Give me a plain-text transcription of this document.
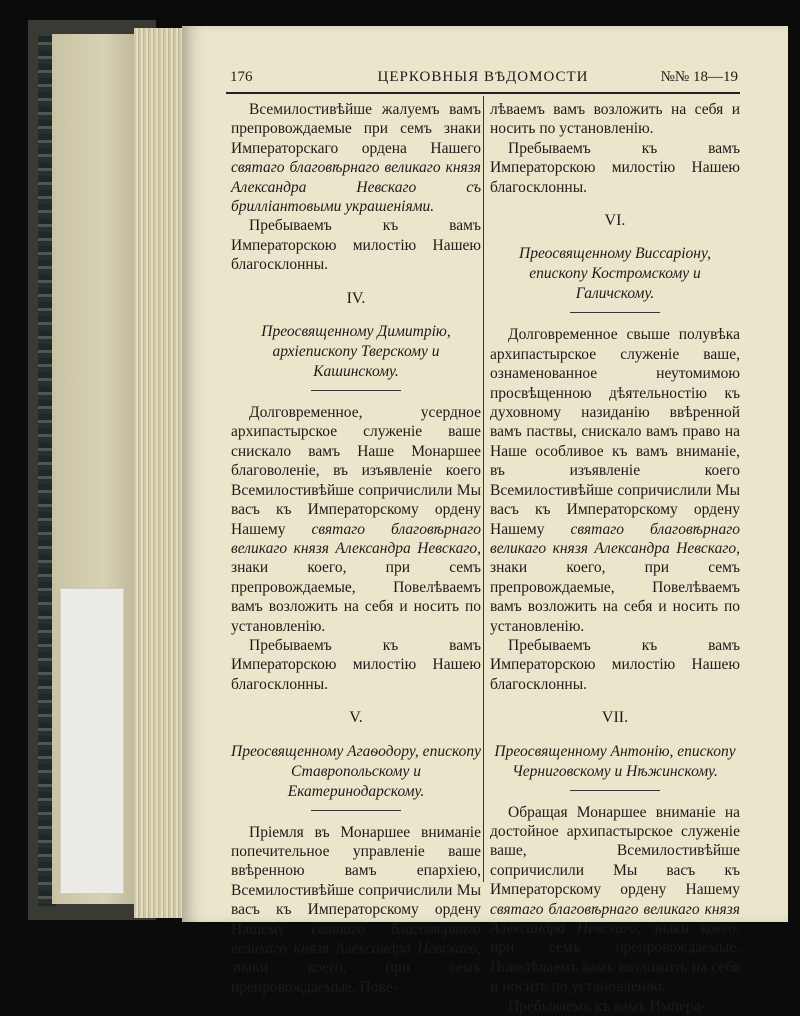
176	ЦЕРКОВНЫЯ ВѢДОМОСТИ	№№ 18—19

Всемилостивѣйше жалуемъ вамъ препровождаемые при семъ знаки Императорскаго ордена Нашего святаго благовѣрнаго великаго князя Александра Невскаго съ брилліантовыми украшеніями.

Пребываемъ къ вамъ Императорскою милостію Нашею благосклонны.

IV.
Преосвященному Димитрію, архіепископу Тверскому и Кашинскому.

Долговременное, усердное архипастырское служеніе ваше снискало вамъ Наше Монаршее благоволеніе, въ изъявленіе коего Всемилостивѣйше сопричислили Мы васъ къ Императорскому ордену Нашему святаго благовѣрнаго великаго князя Александра Невскаго, знаки коего, при семъ препровождаемые, Повелѣваемъ вамъ возложить на себя и носить по установленію.

Пребываемъ къ вамъ Императорскою милостію Нашею благосклонны.

V.
Преосвященному Агаѳодору, епископу Ставропольскому и Екатеринодарскому.

Пріемля въ Монаршее вниманіе попечительное управленіе ваше ввѣренною вамъ епархіею, Всемилостивѣйше сопричислили Мы васъ къ Императорскому ордену Нашему святаго благовѣрнаго великаго князя Александра Невскаго, знаки коего, при семъ препровождаемые, Пове-

лѣваемъ вамъ возложить на себя и носить по установленію.

Пребываемъ къ вамъ Императорскою милостію Нашею благосклонны.

VI.
Преосвященному Виссаріону, епископу Костромскому и Галичскому.

Долговременное свыше полувѣка архипастырское служеніе ваше, ознаменованное неутомимою просвѣщенною дѣятельностію къ духовному назиданію ввѣренной вамъ паствы, снискало вамъ право на Наше особливое къ вамъ вниманіе, въ изъявленіе коего Всемилостивѣйше сопричислили Мы васъ къ Императорскому ордену Нашему святаго благовѣрнаго великаго князя Александра Невскаго, знаки коего, при семъ препровождаемые, Повелѣваемъ вамъ возложить на себя и носить по установленію.

Пребываемъ къ вамъ Императорскою милостію Нашею благосклонны.

VII.
Преосвященному Антонію, епископу Черниговскому и Нѣжинскому.

Обращая Монаршее вниманіе на достойное архипастырское служеніе ваше, Всемилостивѣйше сопричислили Мы васъ къ Императорскому ордену Нашему святаго благовѣрнаго великаго князя Александра Невскаго, знаки коего, при семъ препровождаемые, Повелѣваемъ вамъ возложить на себя и носить по установленію.

Пребываемъ къ вамъ Импера-
